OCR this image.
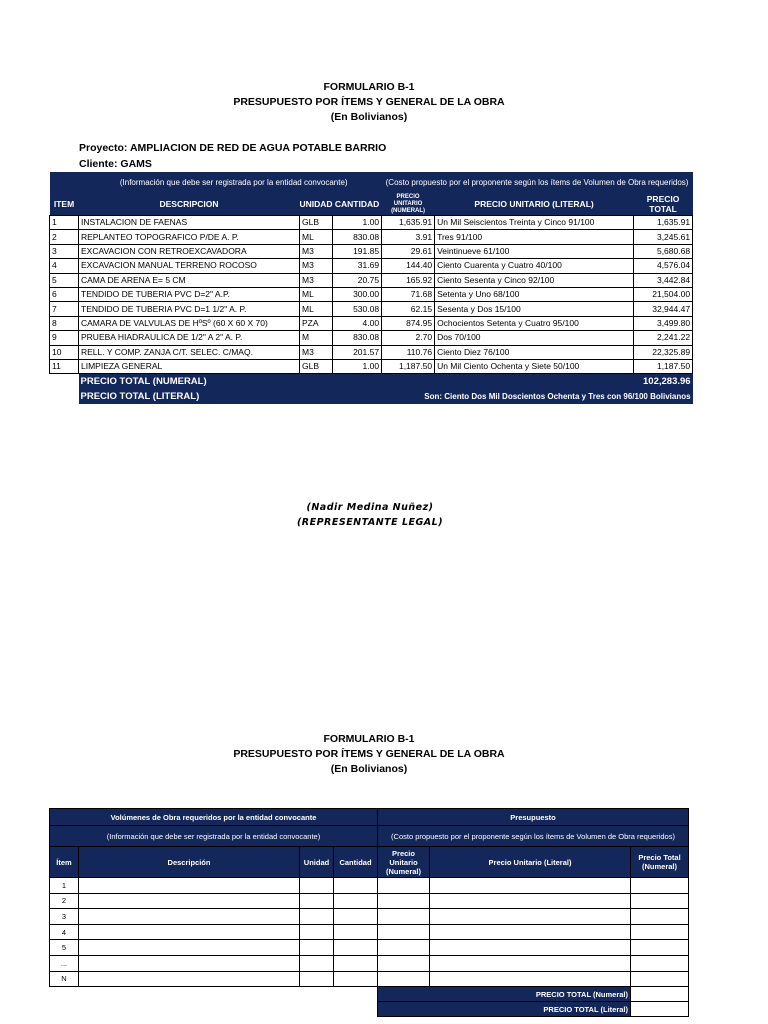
FORMULARIO B-1
PRESUPUESTO POR ÍTEMS Y GENERAL DE LA OBRA
(En Bolivianos)
Proyecto: AMPLIACION DE RED DE AGUA POTABLE BARRIO
Cliente: GAMS
(Información que debe ser registrada por la entidad convocante)				(Costo propuesto por el proponente según los ítems de Volumen de Obra requeridos)		
ITEM	DESCRIPCION	UNIDAD	CANTIDAD	PRECIO UNITARIO (NUMERAL)	PRECIO UNITARIO (LITERAL)	PRECIO TOTAL
1	INSTALACION DE FAENAS	GLB	1.00	1,635.91	Un Mil Seiscientos Treinta y Cinco 91/100	1,635.91
2	REPLANTEO TOPOGRAFICO P/DE A. P.	ML	830.08	3.91	Tres 91/100	3,245.61
3	EXCAVACION CON RETROEXCAVADORA	M3	191.85	29.61	Veintinueve 61/100	5,680.68
4	EXCAVACION MANUAL TERRENO ROCOSO	M3	31.69	144.40	Ciento Cuarenta y Cuatro 40/100	4,576.04
5	CAMA DE ARENA E= 5 CM	M3	20.75	165.92	Ciento Sesenta y Cinco 92/100	3,442.84
6	TENDIDO DE TUBERIA PVC D=2" A.P.	ML	300.00	71.68	Setenta y Uno 68/100	21,504.00
7	TENDIDO DE TUBERIA PVC D=1 1/2" A. P.	ML	530.08	62.15	Sesenta y Dos 15/100	32,944.47
8	CAMARA DE VALVULAS DE HºSº (60 X 60 X 70)	PZA	4.00	874.95	Ochocientos Setenta y Cuatro 95/100	3,499.80
9	PRUEBA HIADRAULICA DE 1/2" A 2" A. P.	M	830.08	2.70	Dos 70/100	2,241.22
10	RELL. Y COMP. ZANJA C/T. SELEC. C/MAQ.	M3	201.57	110.76	Ciento Diez 76/100	22,325.89
11	LIMPIEZA GENERAL	GLB	1.00	1,187.50	Un Mil Ciento Ochenta y Siete 50/100	1,187.50
	PRECIO TOTAL (NUMERAL)					102,283.96
	PRECIO TOTAL (LITERAL)		Son: Ciento Dos Mil Doscientos Ochenta y Tres con 96/100 Bolivianos			
(Nadir Medina Nuñez)
(REPRESENTANTE LEGAL)
FORMULARIO B-1
PRESUPUESTO POR ÍTEMS Y GENERAL DE LA OBRA
(En Bolivianos)
Volúmenes de Obra requeridos por la entidad convocante				Presupuesto		
(Información que debe ser registrada por la entidad convocante)				(Costo propuesto por el proponente según los ítems de Volumen de Obra requeridos)		
Ítem	Descripción	Unidad	Cantidad	Precio Unitario (Numeral)	Precio Unitario (Literal)	Precio Total (Numeral)
1						
2						
3						
4						
5						
...						
N						
				PRECIO TOTAL (Numeral)		
				PRECIO TOTAL (Literal)		
